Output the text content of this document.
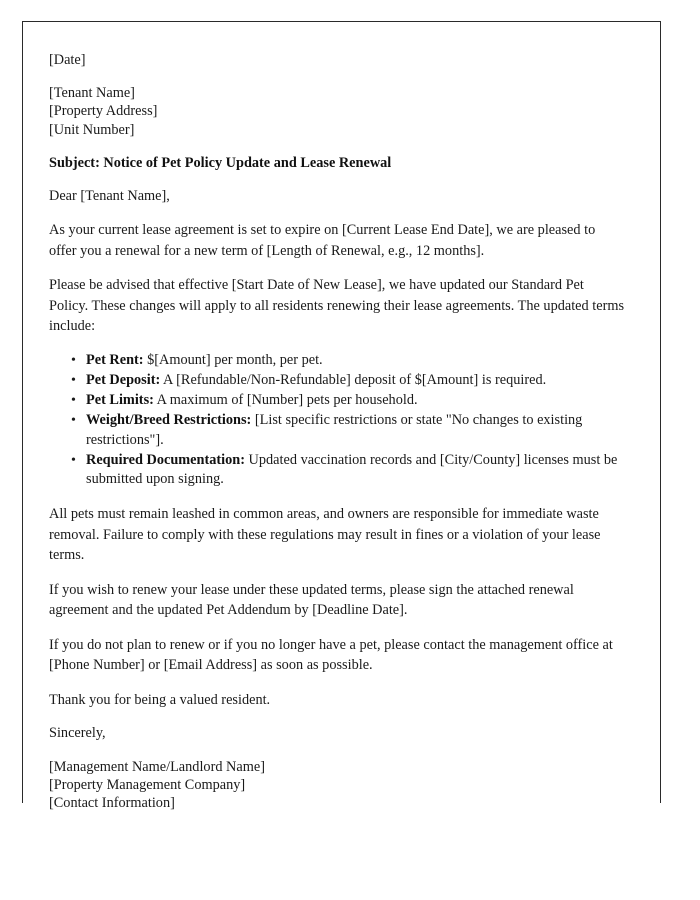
[Date]
[Tenant Name]
[Property Address]
[Unit Number]
Subject: Notice of Pet Policy Update and Lease Renewal
Dear [Tenant Name],

As your current lease agreement is set to expire on [Current Lease End Date], we are pleased to offer you a renewal for a new term of [Length of Renewal, e.g., 12 months].

Please be advised that effective [Start Date of New Lease], we have updated our Standard Pet Policy. These changes will apply to all residents renewing their lease agreements. The updated terms include:

• Pet Rent: $[Amount] per month, per pet.
• Pet Deposit: A [Refundable/Non-Refundable] deposit of $[Amount] is required.
• Pet Limits: A maximum of [Number] pets per household.
• Weight/Breed Restrictions: [List specific restrictions or state "No changes to existing restrictions"].
• Required Documentation: Updated vaccination records and [City/County] licenses must be submitted upon signing.

All pets must remain leashed in common areas, and owners are responsible for immediate waste removal. Failure to comply with these regulations may result in fines or a violation of your lease terms.

If you wish to renew your lease under these updated terms, please sign the attached renewal agreement and the updated Pet Addendum by [Deadline Date].

If you do not plan to renew or if you no longer have a pet, please contact the management office at [Phone Number] or [Email Address] as soon as possible.

Thank you for being a valued resident.

Sincerely,
[Management Name/Landlord Name]
[Property Management Company]
[Contact Information]
